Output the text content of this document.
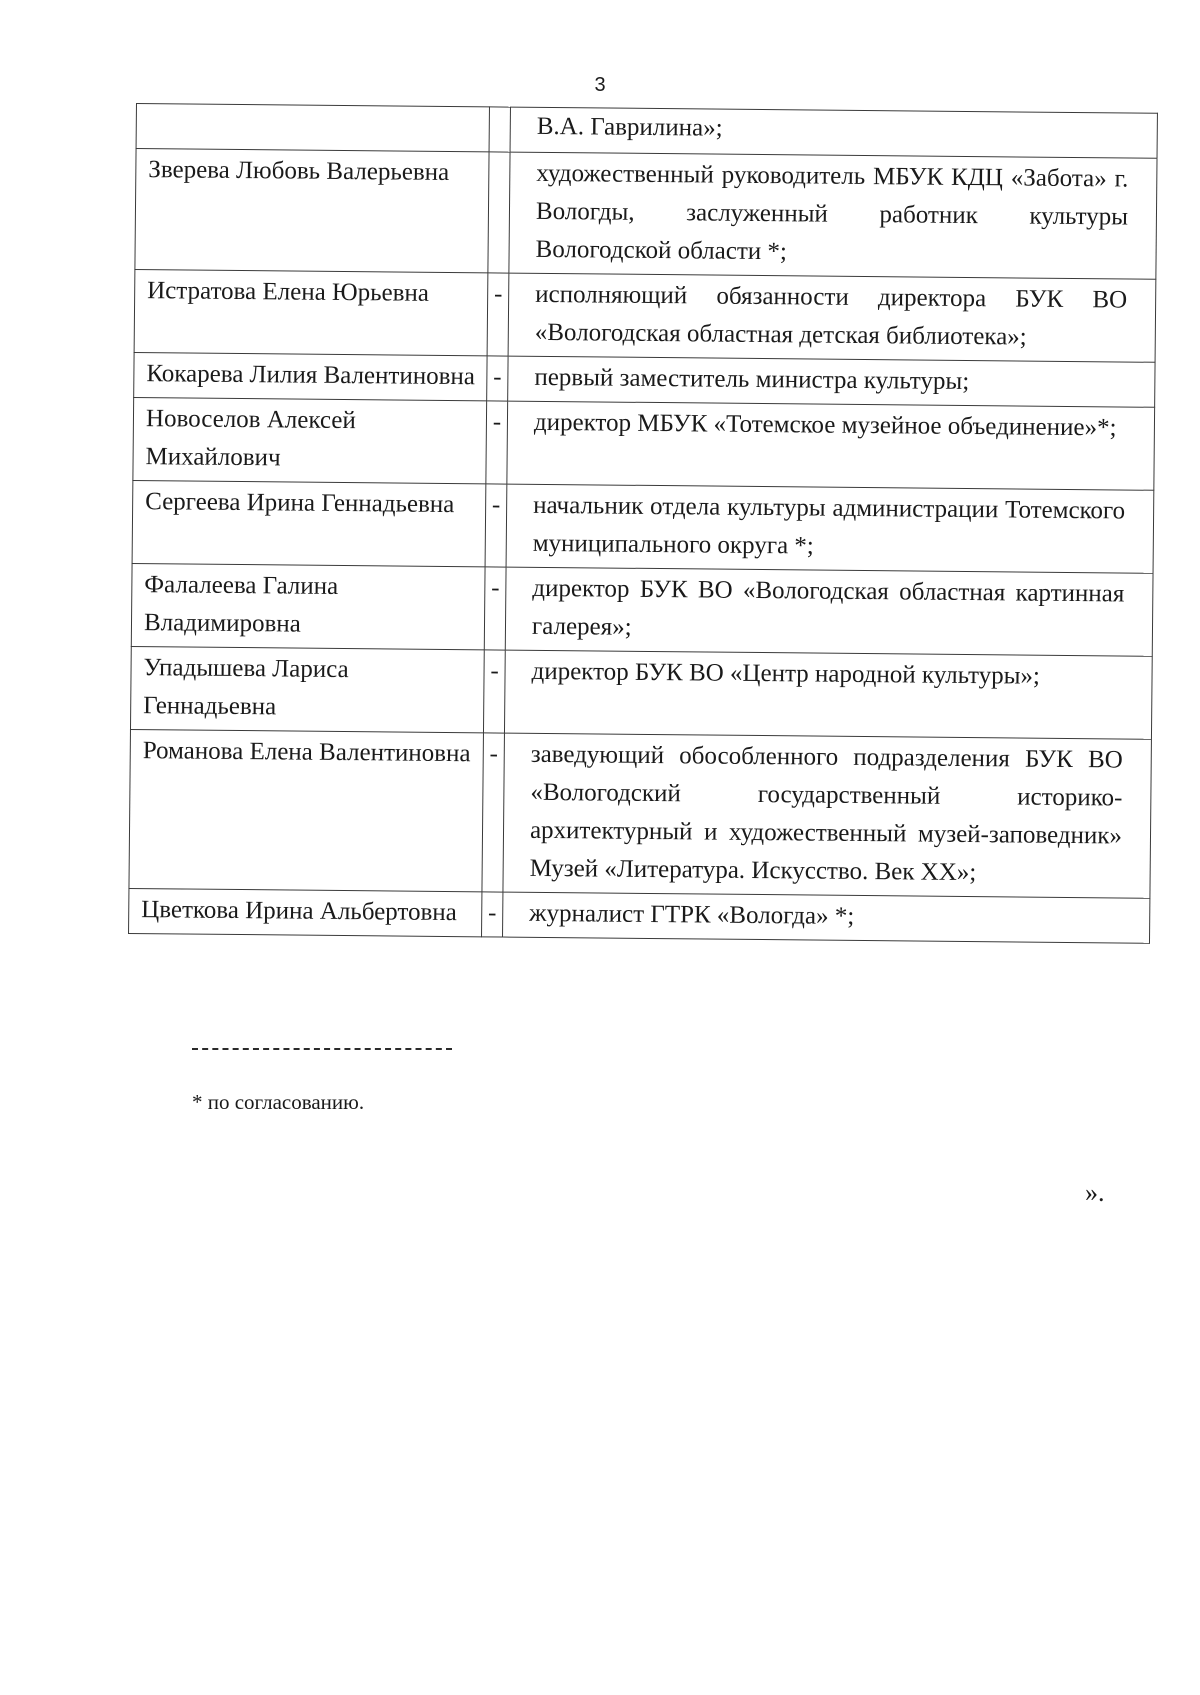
3
		В.А. Гаврилина»;
Зверева Любовь Валерьевна		художественный руководитель МБУК КДЦ «Забота» г. Вологды, заслуженный работник культуры Вологодской области *;
Истратова Елена Юрьевна	-	исполняющий обязанности директора БУК ВО «Вологодская областная детская библиотека»;
Кокарева Лилия Валентиновна	-	первый заместитель министра культуры;
Новоселов Алексей Михайлович	-	директор МБУК «Тотемское музейное объединение»*;
Сергеева Ирина Геннадьевна	-	начальник отдела культуры администрации Тотемского муниципального округа *;
Фалалеева Галина Владимировна	-	директор БУК ВО «Вологодская областная картинная галерея»;
Упадышева Лариса Геннадьевна	-	директор БУК ВО «Центр народной культуры»;
Романова Елена Валентиновна	-	заведующий обособленного подразделения БУК ВО «Вологодский государственный историко-архитектурный и художественный музей-заповедник» Музей «Литература. Искусство. Век XX»;
Цветкова Ирина Альбертовна	-	журналист ГТРК «Вологда» *;
* по согласованию.
».
